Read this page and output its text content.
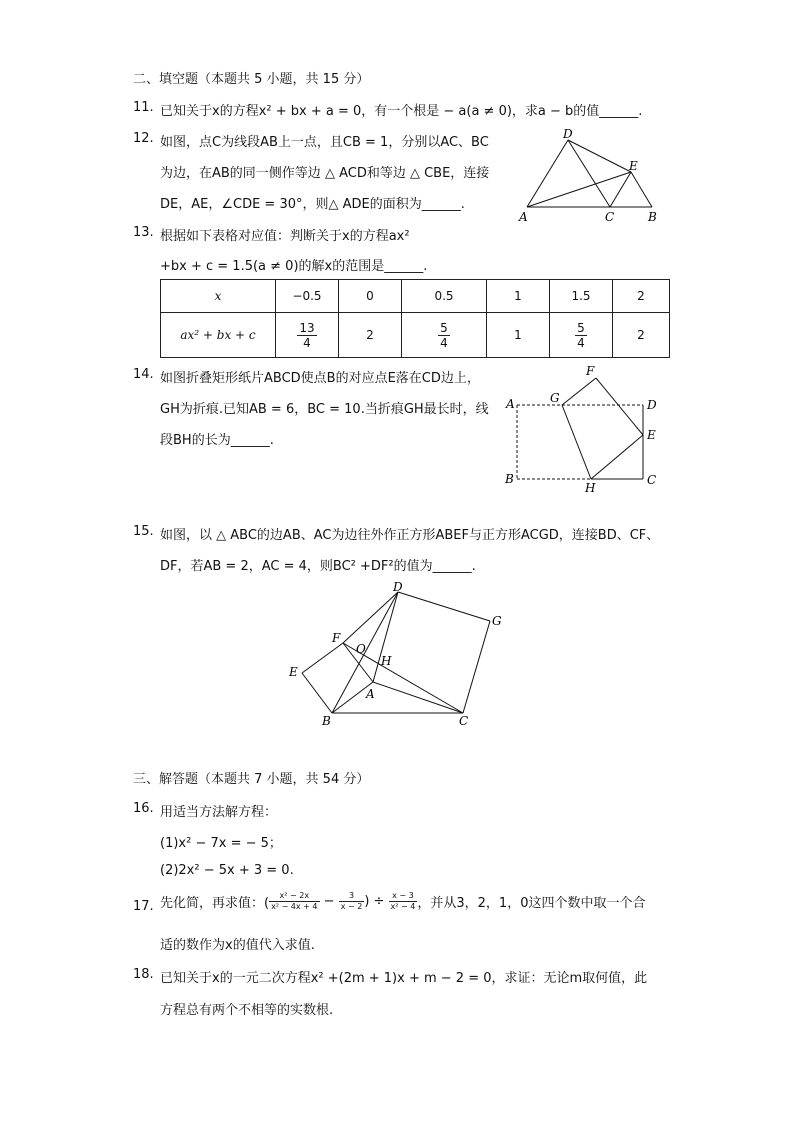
二、填空题（本题共 5 小题，共 15 分）
11. 已知关于x的方程x² + bx + a = 0，有一个根是 − a(a ≠ 0)，求a − b的值______.
12. 如图，点C为线段AB上一点，且CB = 1，分别以AC、BC
为边，在AB的同一侧作等边 △ ACD和等边 △ CBE，连接
DE，AE，∠CDE = 30°，则△ ADE的面积为______.
D
E
A	C	B
13. 根据如下表格对应值：判断关于x的方程ax²
+bx + c = 1.5(a ≠ 0)的解x的范围是______.
x	−0.5	0	0.5	1	1.5	2
ax² + bx + c	$\frac{13}{4}$	2	$\frac{5}{4}$	1	$\frac{5}{4}$	2
14. 如图折叠矩形纸片ABCD使点B的对应点E落在CD边上，
GH为折痕.已知AB = 6，BC = 10.当折痕GH最长时，线
段BH的长为______.
F
G
A	D
E
B
H
C
15. 如图，以 △ ABC的边AB、AC为边往外作正方形ABEF与正方形ACGD，连接BD、CF、
DF，若AB = 2，AC = 4，则BC² +DF²的值为______.
D
G
F
O
H
E
A
B	C
三、解答题（本题共 7 小题，共 54 分）
16. 用适当方法解方程：
(1)x² − 7x = − 5；
(2)2x² − 5x + 3 = 0.
17. 先化简，再求值：( $\frac{\text{x² − 2x}}{\text{x² − 4x + 4}} - \frac{3}{x - 2}$ ) ÷ $\frac{x - 3}{\text{x² − 4}}$ ，并从3，2，1，0这四个数中取一个合
适的数作为x的值代入求值.
18. 已知关于x的一元二次方程x² +(2m + 1)x + m − 2 = 0，求证：无论m取何值，此
方程总有两个不相等的实数根.
